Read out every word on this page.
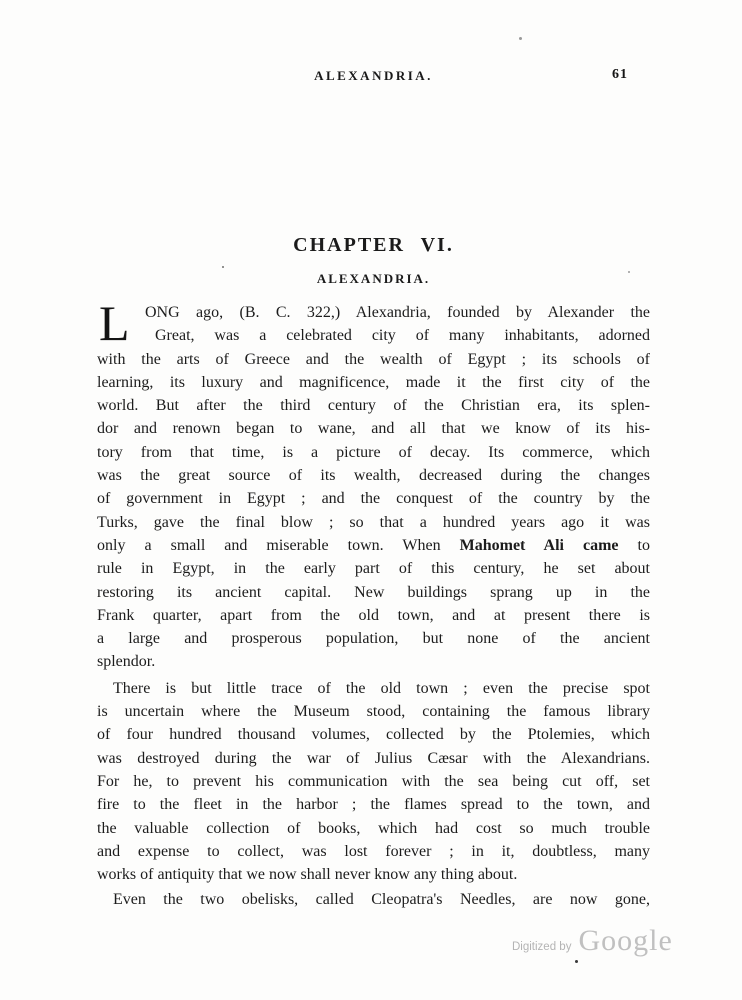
ALEXANDRIA.	61
CHAPTER VI.
ALEXANDRIA.
L ONG ago, (B. C. 322,) Alexandria, founded by Alexander the
Great, was a celebrated city of many inhabitants, adorned
with the arts of Greece and the wealth of Egypt ; its schools of
learning, its luxury and magnificence, made it the first city of the
world. But after the third century of the Christian era, its splen-
dor and renown began to wane, and all that we know of its his-
tory from that time, is a picture of decay. Its commerce, which
was the great source of its wealth, decreased during the changes
of government in Egypt ; and the conquest of the country by the
Turks, gave the final blow ; so that a hundred years ago it was
only a small and miserable town. When Mahomet Ali came to
rule in Egypt, in the early part of this century, he set about
restoring its ancient capital. New buildings sprang up in the
Frank quarter, apart from the old town, and at present there is
a large and prosperous population, but none of the ancient
splendor.
There is but little trace of the old town ; even the precise spot
is uncertain where the Museum stood, containing the famous library
of four hundred thousand volumes, collected by the Ptolemies, which
was destroyed during the war of Julius Cæsar with the Alexandrians.
For he, to prevent his communication with the sea being cut off, set
fire to the fleet in the harbor ; the flames spread to the town, and
the valuable collection of books, which had cost so much trouble
and expense to collect, was lost forever ; in it, doubtless, many
works of antiquity that we now shall never know any thing about.
Even the two obelisks, called Cleopatra's Needles, are now gone,
Digitized by Google
